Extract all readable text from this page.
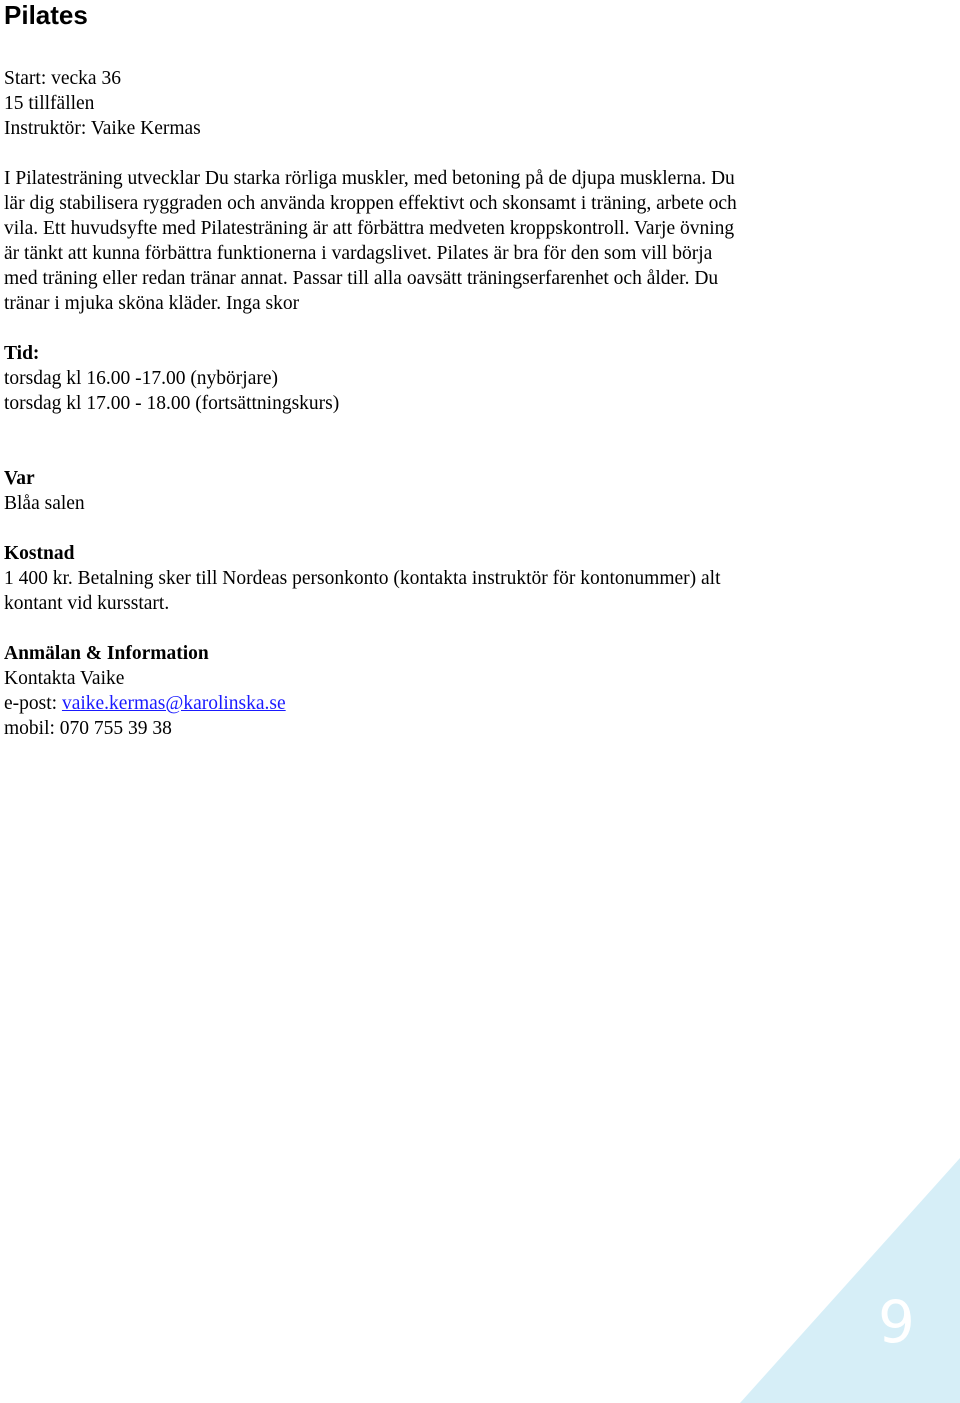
Pilates
Start: vecka 36
15 tillfällen
Instruktör: Vaike Kermas
I Pilatesträning utvecklar Du starka rörliga muskler, med betoning på de djupa musklerna. Du
lär dig stabilisera ryggraden och använda kroppen effektivt och skonsamt i träning, arbete och
vila. Ett huvudsyfte med Pilatesträning är att förbättra medveten kroppskontroll. Varje övning
är tänkt att kunna förbättra funktionerna i vardagslivet. Pilates är bra för den som vill börja
med träning eller redan tränar annat. Passar till alla oavsätt träningserfarenhet och ålder. Du
tränar i mjuka sköna kläder. Inga skor
Tid:
torsdag kl 16.00 -17.00 (nybörjare)
torsdag kl 17.00 - 18.00 (fortsättningskurs)
Var
Blåa salen
Kostnad
1 400 kr. Betalning sker till Nordeas personkonto (kontakta instruktör för kontonummer) alt
kontant vid kursstart.
Anmälan & Information
Kontakta Vaike
e-post: vaike.kermas@karolinska.se
mobil: 070 755 39 38
9
